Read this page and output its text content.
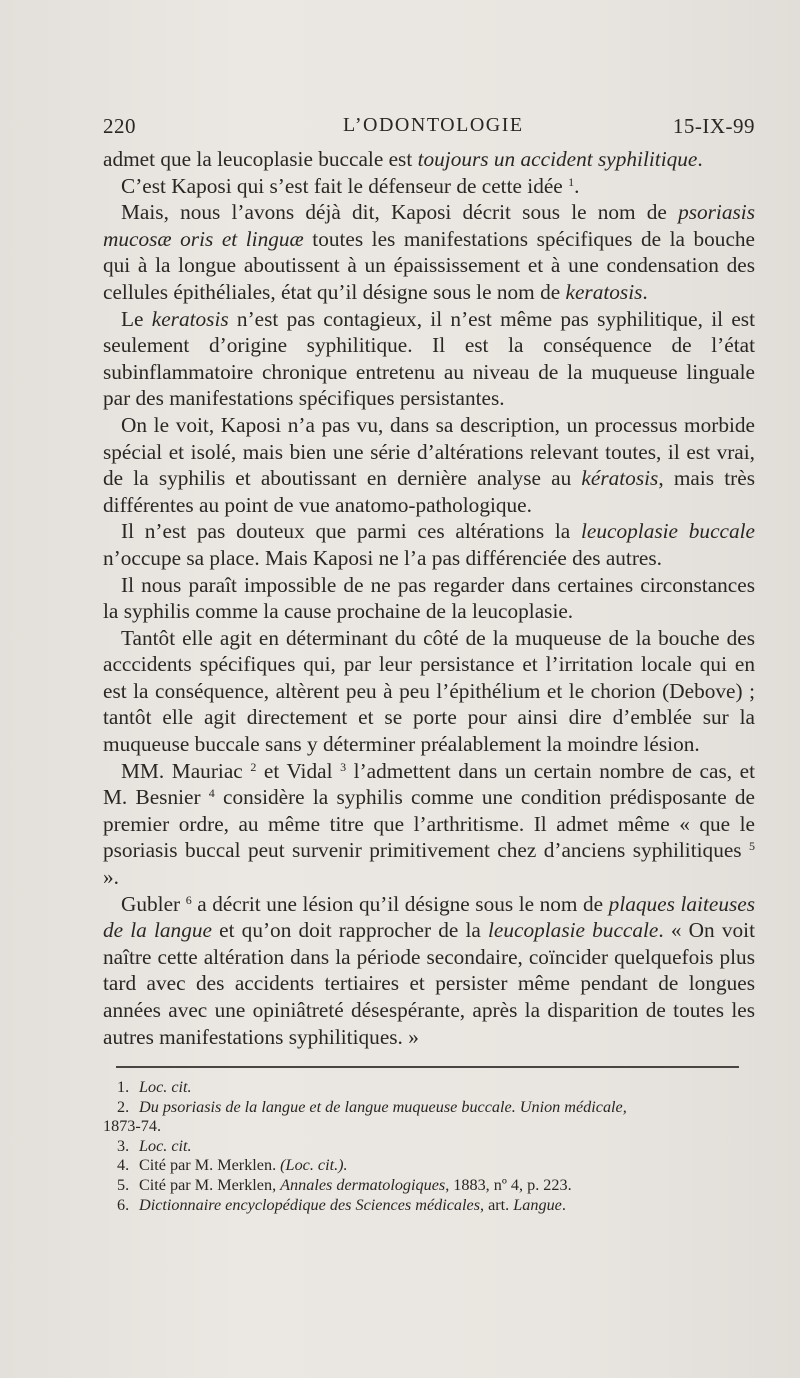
220	L’ODONTOLOGIE	15-IX-99

admet que la leucoplasie buccale est toujours un accident syphilitique.

C’est Kaposi qui s’est fait le défenseur de cette idée $^1$.

Mais, nous l’avons déjà dit, Kaposi décrit sous le nom de psoriasis mucosæ oris et linguæ toutes les manifestations spécifiques de la bouche qui à la longue aboutissent à un épaississement et à une condensation des cellules épithéliales, état qu’il désigne sous le nom de keratosis.

Le keratosis n’est pas contagieux, il n’est même pas syphilitique, il est seulement d’origine syphilitique. Il est la conséquence de l’état subinflammatoire chronique entretenu au niveau de la muqueuse linguale par des manifestations spécifiques persistantes.

On le voit, Kaposi n’a pas vu, dans sa description, un processus morbide spécial et isolé, mais bien une série d’altérations relevant toutes, il est vrai, de la syphilis et aboutissant en dernière analyse au kératosis, mais très différentes au point de vue anatomo-pathologique.

Il n’est pas douteux que parmi ces altérations la leucoplasie buccale n’occupe sa place. Mais Kaposi ne l’a pas différenciée des autres.

Il nous paraît impossible de ne pas regarder dans certaines circonstances la syphilis comme la cause prochaine de la leucoplasie.

Tantôt elle agit en déterminant du côté de la muqueuse de la bouche des acccidents spécifiques qui, par leur persistance et l’irritation locale qui en est la conséquence, altèrent peu à peu l’épithélium et le chorion (Debove) ; tantôt elle agit directement et se porte pour ainsi dire d’emblée sur la muqueuse buccale sans y déterminer préalablement la moindre lésion.

MM. Mauriac $^2$ et Vidal $^3$ l’admettent dans un certain nombre de cas, et M. Besnier $^4$ considère la syphilis comme une condition prédisposante de premier ordre, au même titre que l’arthritisme. Il admet même « que le psoriasis buccal peut survenir primitivement chez d’anciens syphilitiques $^5$ ».

Gubler $^6$ a décrit une lésion qu’il désigne sous le nom de plaques laiteuses de la langue et qu’on doit rapprocher de la leucoplasie buccale. « On voit naître cette altération dans la période secondaire, coïncider quelquefois plus tard avec des accidents tertiaires et persister même pendant de longues années avec une opiniâtreté désespérante, après la disparition de toutes les autres manifestations syphilitiques. »

1. Loc. cit.

2. Du psoriasis de la langue et de langue muqueuse buccale. Union médicale,

1873-74.

3. Loc. cit.

4. Cité par M. Merklen. (Loc. cit.).

5. Cité par M. Merklen, Annales dermatologiques, 1883, nº 4, p. 223.

6. Dictionnaire encyclopédique des Sciences médicales, art. Langue.
